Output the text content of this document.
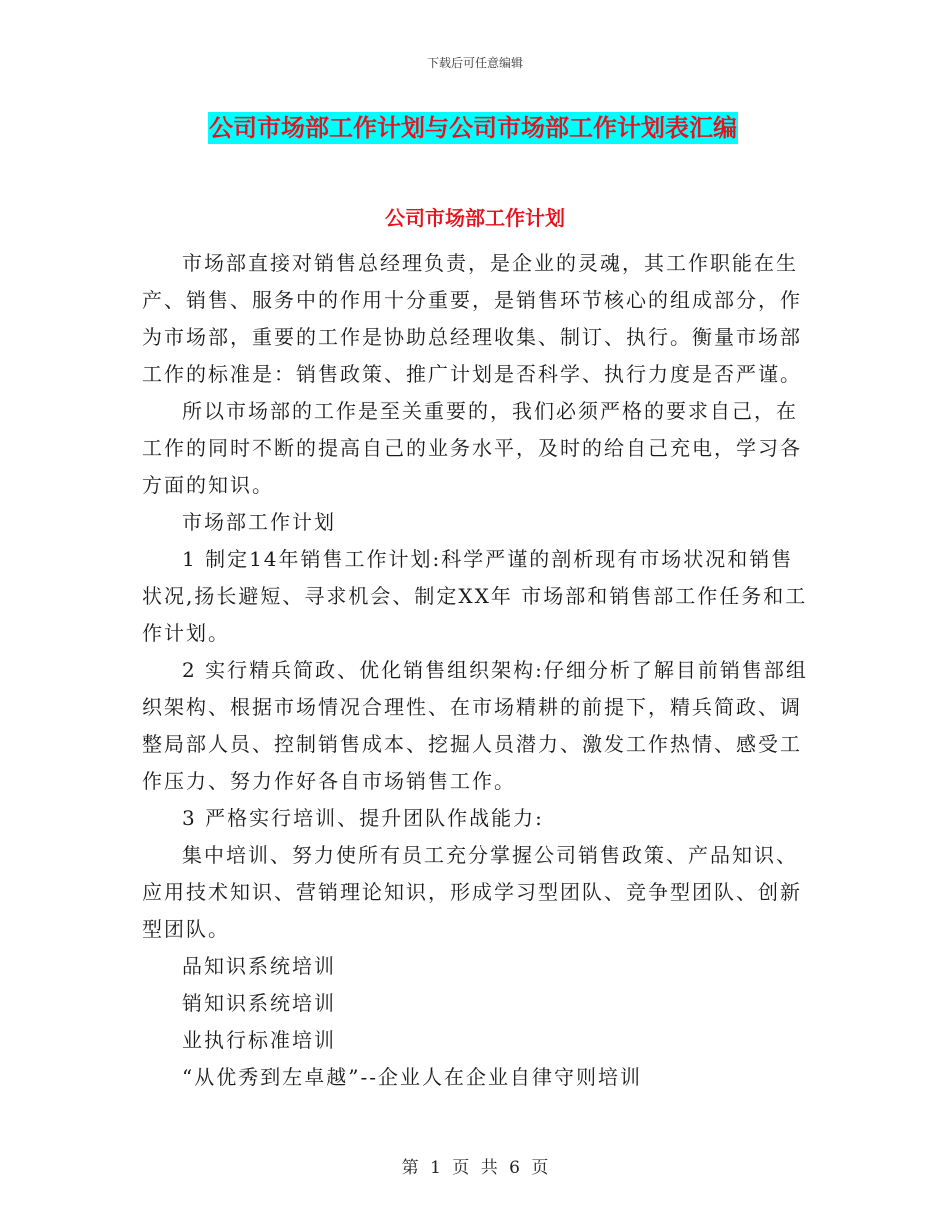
下载后可任意编辑
公司市场部工作计划与公司市场部工作计划表汇编
公司市场部工作计划

市场部直接对销售总经理负责，是企业的灵魂，其工作职能在生产、销售、服务中的作用十分重要，是销售环节核心的组成部分，作为市场部，重要的工作是协助总经理收集、制订、执行。衡量市场部工作的标准是：销售政策、推广计划是否科学、执行力度是否严谨。

所以市场部的工作是至关重要的，我们必须严格的要求自己，在工作的同时不断的提高自己的业务水平，及时的给自己充电，学习各方面的知识。

市场部工作计划

1 制定14年销售工作计划:科学严谨的剖析现有市场状况和销售状况,扬长避短、寻求机会、制定XX年 市场部和销售部工作任务和工作计划。

2 实行精兵简政、优化销售组织架构:仔细分析了解目前销售部组织架构、根据市场情况合理性、在市场精耕的前提下，精兵简政、调整局部人员、控制销售成本、挖掘人员潜力、激发工作热情、感受工作压力、努力作好各自市场销售工作。

3 严格实行培训、提升团队作战能力:

集中培训、努力使所有员工充分掌握公司销售政策、产品知识、应用技术知识、营销理论知识，形成学习型团队、竞争型团队、创新型团队。

品知识系统培训

销知识系统培训

业执行标准培训

“从优秀到左卓越”--企业人在企业自律守则培训

第 1 页 共 6 页
